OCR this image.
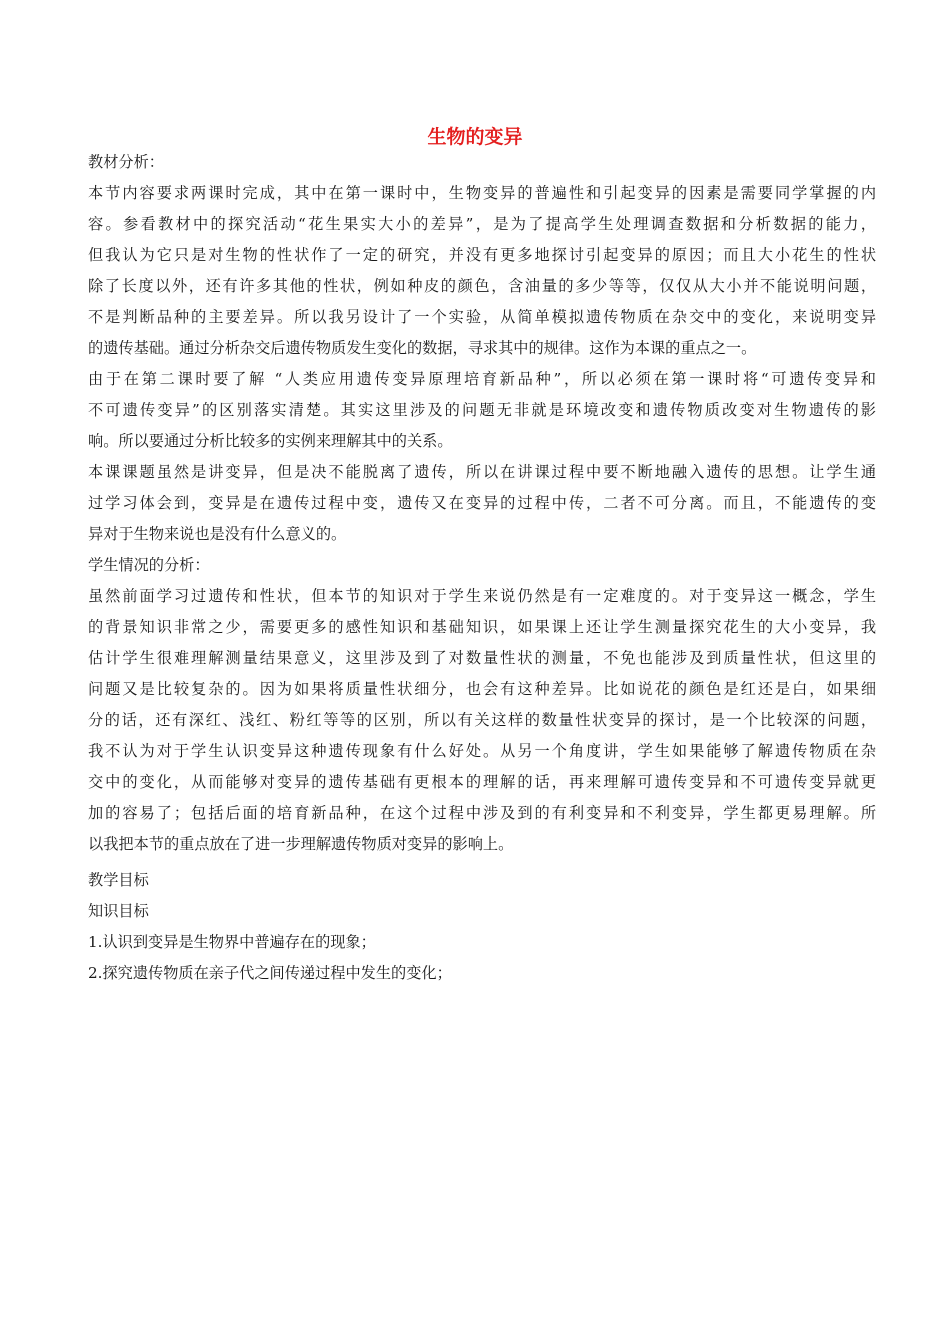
生物的变异
教材分析：
本节内容要求两课时完成，其中在第一课时中，生物变异的普遍性和引起变异的因素是需要同学掌握的内
容。参看教材中的探究活动“花生果实大小的差异”，是为了提高学生处理调查数据和分析数据的能力，
但我认为它只是对生物的性状作了一定的研究，并没有更多地探讨引起变异的原因；而且大小花生的性状
除了长度以外，还有许多其他的性状，例如种皮的颜色，含油量的多少等等，仅仅从大小并不能说明问题，
不是判断品种的主要差异。所以我另设计了一个实验，从简单模拟遗传物质在杂交中的变化，来说明变异
的遗传基础。通过分析杂交后遗传物质发生变化的数据，寻求其中的规律。这作为本课的重点之一。
由于在第二课时要了解 “人类应用遗传变异原理培育新品种”，所以必须在第一课时将“可遗传变异和
不可遗传变异”的区别落实清楚。其实这里涉及的问题无非就是环境改变和遗传物质改变对生物遗传的影
响。所以要通过分析比较多的实例来理解其中的关系。
本课课题虽然是讲变异，但是决不能脱离了遗传，所以在讲课过程中要不断地融入遗传的思想。让学生通
过学习体会到，变异是在遗传过程中变，遗传又在变异的过程中传，二者不可分离。而且，不能遗传的变
异对于生物来说也是没有什么意义的。
学生情况的分析：
虽然前面学习过遗传和性状，但本节的知识对于学生来说仍然是有一定难度的。对于变异这一概念，学生
的背景知识非常之少，需要更多的感性知识和基础知识，如果课上还让学生测量探究花生的大小变异，我
估计学生很难理解测量结果意义，这里涉及到了对数量性状的测量，不免也能涉及到质量性状，但这里的
问题又是比较复杂的。因为如果将质量性状细分，也会有这种差异。比如说花的颜色是红还是白，如果细
分的话，还有深红、浅红、粉红等等的区别，所以有关这样的数量性状变异的探讨，是一个比较深的问题，
我不认为对于学生认识变异这种遗传现象有什么好处。从另一个角度讲，学生如果能够了解遗传物质在杂
交中的变化，从而能够对变异的遗传基础有更根本的理解的话，再来理解可遗传变异和不可遗传变异就更
加的容易了；包括后面的培育新品种，在这个过程中涉及到的有利变异和不利变异，学生都更易理解。所
以我把本节的重点放在了进一步理解遗传物质对变异的影响上。
教学目标
知识目标
1.认识到变异是生物界中普遍存在的现象；
2.探究遗传物质在亲子代之间传递过程中发生的变化；
